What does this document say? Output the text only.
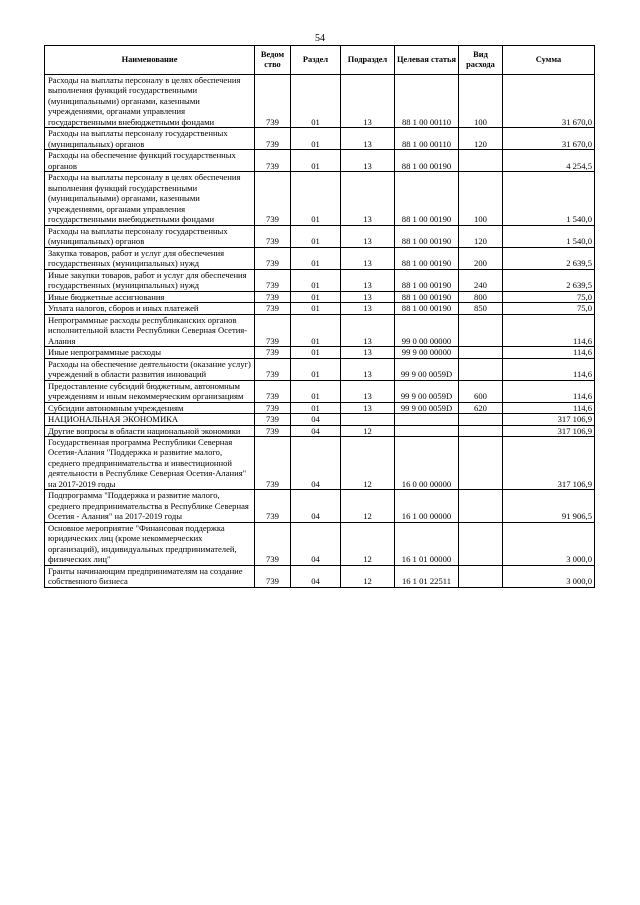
54
Наименование	Ведом ство	Раздел	Подраздел	Целевая статья	Вид расхода	Сумма
Расходы на выплаты персоналу в целях обеспечения выполнения функций государственными (муниципальными) органами, казенными учреждениями, органами управления государственными внебюджетными фондами	739	01	13	88 1 00 00110	100	31 670,0
Расходы на выплаты персоналу государственных (муниципальных) органов	739	01	13	88 1 00 00110	120	31 670,0
Расходы на обеспечение функций государственных органов	739	01	13	88 1 00 00190		4 254,5
Расходы на выплаты персоналу в целях обеспечения выполнения функций государственными (муниципальными) органами, казенными учреждениями, органами управления государственными внебюджетными фондами	739	01	13	88 1 00 00190	100	1 540,0
Расходы на выплаты персоналу государственных (муниципальных) органов	739	01	13	88 1 00 00190	120	1 540,0
Закупка товаров, работ и услуг для обеспечения государственных (муниципальных) нужд	739	01	13	88 1 00 00190	200	2 639,5
Иные закупки товаров, работ и услуг для обеспечения государственных (муниципальных) нужд	739	01	13	88 1 00 00190	240	2 639,5
Иные бюджетные ассигнования	739	01	13	88 1 00 00190	800	75,0
Уплата налогов, сборов и иных платежей	739	01	13	88 1 00 00190	850	75,0
Непрограммные расходы республиканских органов исполнительной власти Республики Северная Осетия-Алания	739	01	13	99 0 00 00000		114,6
Иные непрограммные расходы	739	01	13	99 9 00 00000		114,6
Расходы на обеспечение деятельности (оказание услуг) учреждений в области развития инноваций	739	01	13	99 9 00 0059D		114,6
Предоставление субсидий бюджетным, автономным учреждениям и иным некоммерческим организациям	739	01	13	99 9 00 0059D	600	114,6
Субсидии автономным учреждениям	739	01	13	99 9 00 0059D	620	114,6
НАЦИОНАЛЬНАЯ ЭКОНОМИКА	739	04				317 106,9
Другие вопросы в области национальной экономики	739	04	12			317 106,9
Государственная программа Республики Северная Осетия-Алания "Поддержка и развитие малого, среднего предпринимательства и инвестиционной деятельности в Республике Северная Осетия-Алания" на 2017-2019 годы	739	04	12	16 0 00 00000		317 106,9
Подпрограмма "Поддержка и развитие малого, среднего предпринимательства в Республике Северная Осетия - Алания" на 2017-2019 годы	739	04	12	16 1 00 00000		91 906,5
Основное мероприятие "Финансовая поддержка юридических лиц (кроме некоммерческих организаций), индивидуальных предпринимателей, физических лиц"	739	04	12	16 1 01 00000		3 000,0
Гранты начинающим предпринимателям на создание собственного бизнеса	739	04	12	16 1 01 22511		3 000,0
